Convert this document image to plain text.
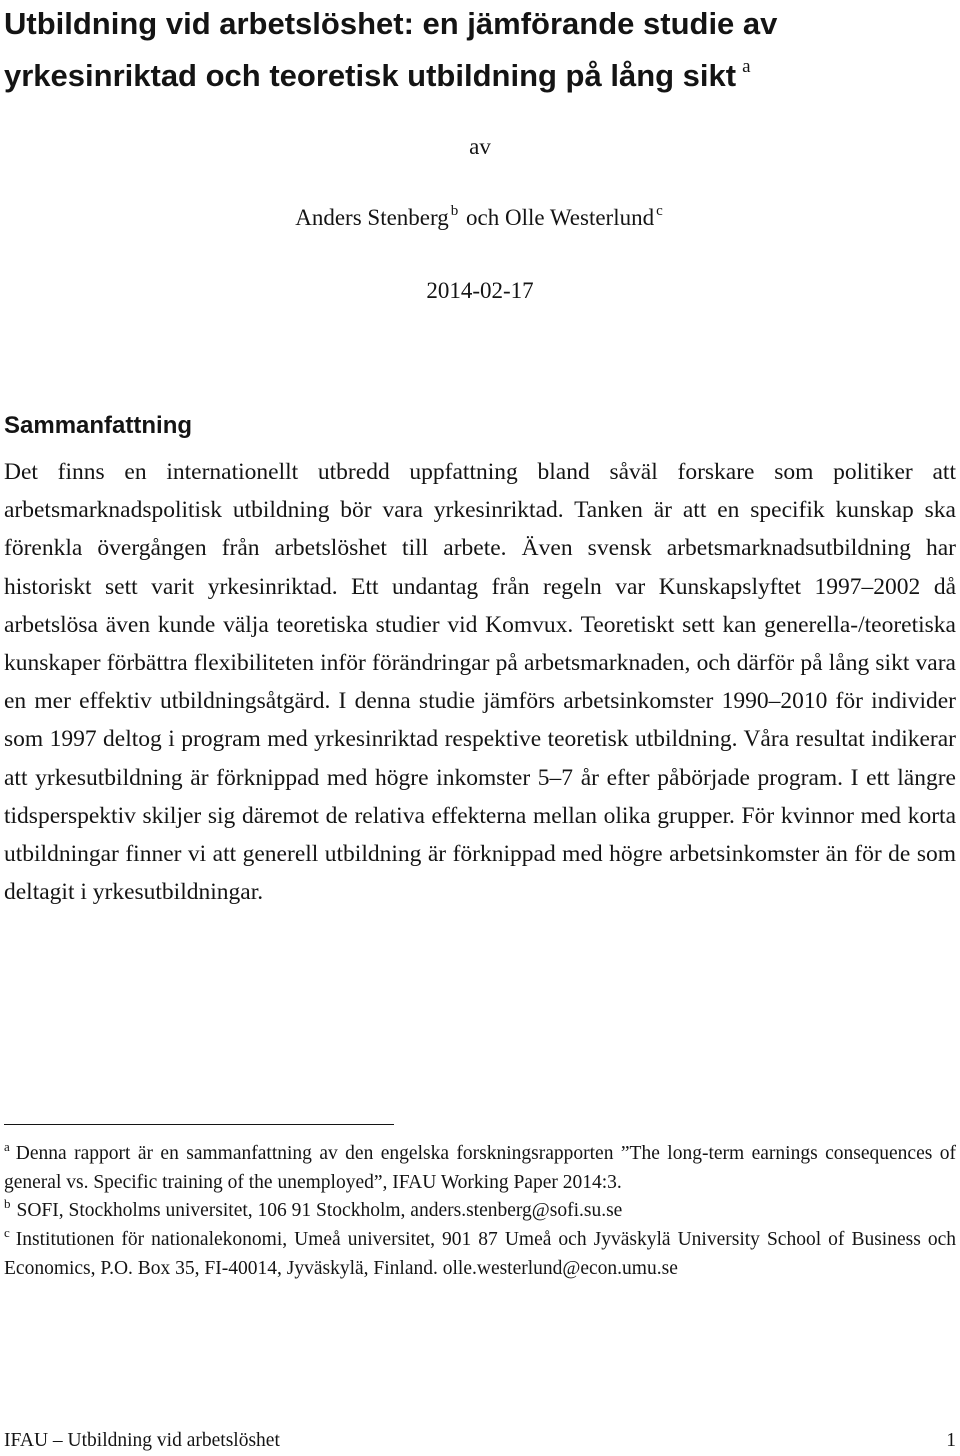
Utbildning vid arbetslöshet: en jämförande studie av yrkesinriktad och teoretisk utbildning på lång sikt $^a$
av
Anders Stenberg $^b$ och Olle Westerlund $^c$
2014-02-17
Sammanfattning

Det finns en internationellt utbredd uppfattning bland såväl forskare som politiker att arbetsmarknadspolitisk utbildning bör vara yrkesinriktad. Tanken är att en specifik kunskap ska förenkla övergången från arbetslöshet till arbete. Även svensk arbetsmarknadsutbildning har historiskt sett varit yrkesinriktad. Ett undantag från regeln var Kunskapslyftet 1997–2002 då arbetslösa även kunde välja teoretiska studier vid Komvux. Teoretiskt sett kan generella-/teoretiska kunskaper förbättra flexibiliteten inför förändringar på arbetsmarknaden, och därför på lång sikt vara en mer effektiv utbildningsåtgärd. I denna studie jämförs arbetsinkomster 1990–2010 för individer som 1997 deltog i program med yrkesinriktad respektive teoretisk utbildning. Våra resultat indikerar att yrkesutbildning är förknippad med högre inkomster 5–7 år efter påbörjade program. I ett längre tidsperspektiv skiljer sig däremot de relativa effekterna mellan olika grupper. För kvinnor med korta utbildningar finner vi att generell utbildning är förknippad med högre arbetsinkomster än för de som deltagit i yrkesutbildningar.

$^a$ Denna rapport är en sammanfattning av den engelska forskningsrapporten ”The long-term earnings consequences of general vs. Specific training of the unemployed”, IFAU Working Paper 2014:3.

$^b$ SOFI, Stockholms universitet, 106 91 Stockholm, anders.stenberg@sofi.su.se

$^c$ Institutionen för nationalekonomi, Umeå universitet, 901 87 Umeå och Jyväskylä University School of Business och Economics, P.O. Box 35, FI-40014, Jyväskylä, Finland. olle.westerlund@econ.umu.se

IFAU – Utbildning vid arbetslöshet	1
